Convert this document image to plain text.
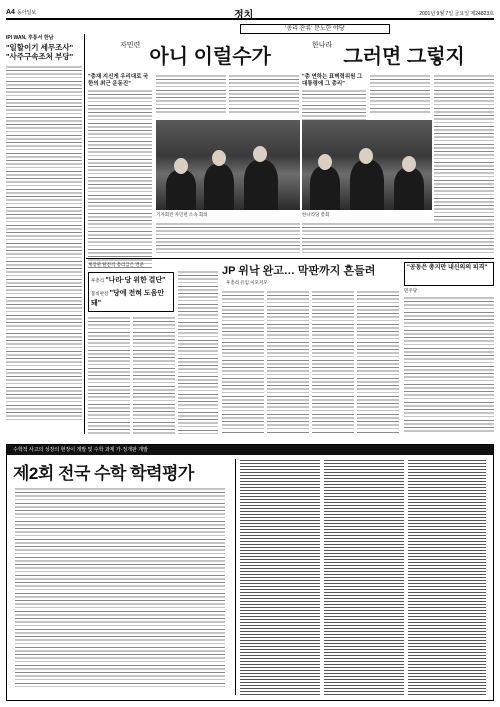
A4 동아일보	정치	2001년 9월 7일 금요일 제24823호
'총리 잔류' 분노한 야당
IPI WAN, 후통서 한남
"일할이기 세무조사" "사주구속조처 부당"
$^{자민련}$ 아니 이럴수가
$^{한나라}$ 그러면 그렇지
"총재 지신게 우리대로 국한의 최근 운동진"
"총 연하는 표벽력위원 그 대통령에 그 총리"
기자회견 자민련 소속 회의	한나라당 총회
계장관 탈전직 총리급은 면준
후총리 "나라·당 위한 결단"
불비판전 "당에 전혀 도움안돼"
JP 위낙 완고… 막판까지 흔들려
후총리 유임 이모저모
"공동은 총지만 내신의의 피격"
민주당
수학적 사고의 성장의 현장이 개발 및 수학 과제 가·정개판 개발
제2회 전국 수학 학력평가
